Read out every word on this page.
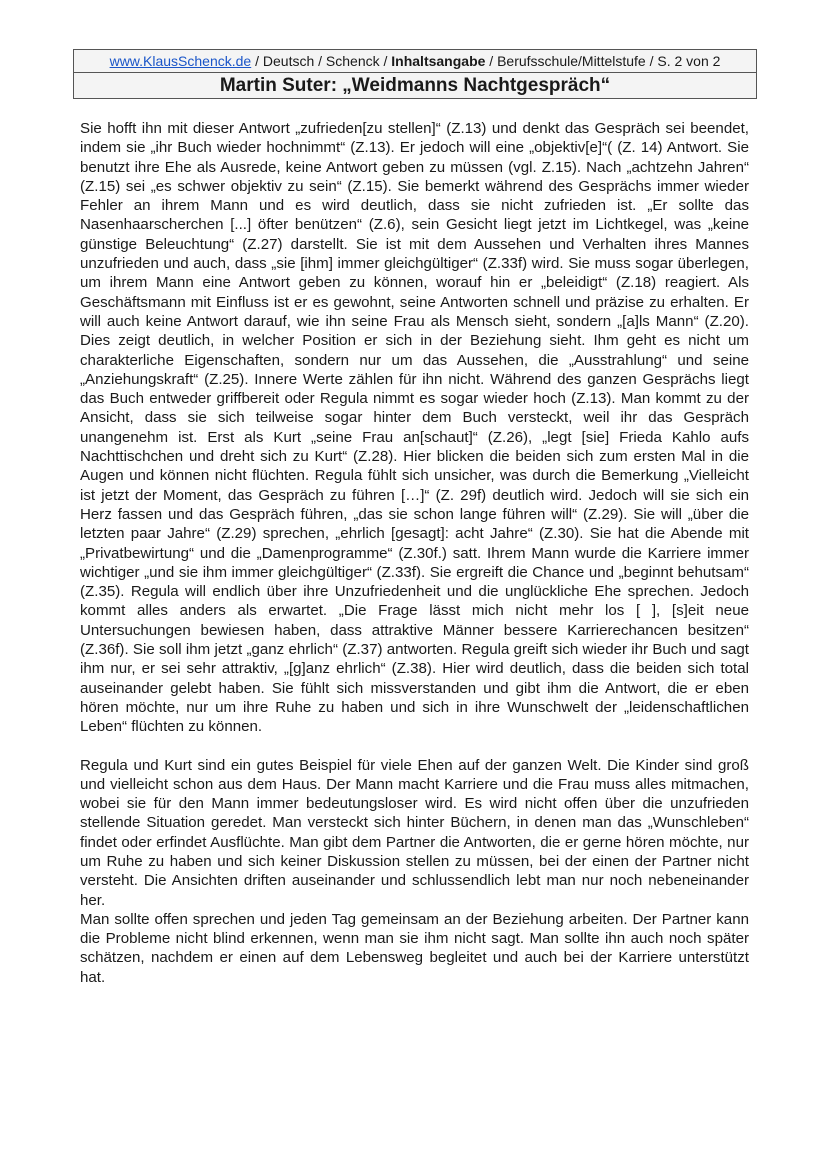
www.KlausSchenck.de / Deutsch / Schenck / Inhaltsangabe / Berufsschule/Mittelstufe / S. 2 von 2
Martin Suter: „Weidmanns Nachtgespräch“

Sie hofft ihn mit dieser Antwort „zufrieden[zu stellen]“ (Z.13) und denkt das Gespräch sei beendet, indem sie „ihr Buch wieder hochnimmt“ (Z.13). Er jedoch will eine „objektiv[e]“( (Z. 14) Antwort. Sie benutzt ihre Ehe als Ausrede, keine Antwort geben zu müssen (vgl. Z.15). Nach „achtzehn Jahren“ (Z.15) sei „es schwer objektiv zu sein“ (Z.15). Sie bemerkt während des Gesprächs immer wieder Fehler an ihrem Mann und es wird deutlich, dass sie nicht zufrieden ist. „Er sollte das Nasenhaarscherchen [...] öfter benützen“ (Z.6), sein Gesicht liegt jetzt im Lichtkegel, was „keine günstige Beleuchtung“ (Z.27) darstellt. Sie ist mit dem Aussehen und Verhalten ihres Mannes unzufrieden und auch, dass „sie [ihm] immer gleichgültiger“ (Z.33f) wird. Sie muss sogar überlegen, um ihrem Mann eine Antwort geben zu können, worauf hin er „beleidigt“ (Z.18) reagiert. Als Geschäftsmann mit Einfluss ist er es gewohnt, seine Antworten schnell und präzise zu erhalten. Er will auch keine Antwort darauf, wie ihn seine Frau als Mensch sieht, sondern „[a]ls Mann“ (Z.20). Dies zeigt deutlich, in welcher Position er sich in der Beziehung sieht. Ihm geht es nicht um charakterliche Eigenschaften, sondern nur um das Aussehen, die „Ausstrahlung“ und seine „Anziehungskraft“ (Z.25). Innere Werte zählen für ihn nicht. Während des ganzen Gesprächs liegt das Buch entweder griffbereit oder Regula nimmt es sogar wieder hoch (Z.13). Man kommt zu der Ansicht, dass sie sich teilweise sogar hinter dem Buch versteckt, weil ihr das Gespräch unangenehm ist. Erst als Kurt „seine Frau an[schaut]“ (Z.26), „legt [sie] Frieda Kahlo aufs Nachttischchen und dreht sich zu Kurt“ (Z.28). Hier blicken die beiden sich zum ersten Mal in die Augen und können nicht flüchten. Regula fühlt sich unsicher, was durch die Bemerkung „Vielleicht ist jetzt der Moment, das Gespräch zu führen […]“ (Z. 29f) deutlich wird. Jedoch will sie sich ein Herz fassen und das Gespräch führen, „das sie schon lange führen will“ (Z.29). Sie will „über die letzten paar Jahre“ (Z.29) sprechen, „ehrlich [gesagt]: acht Jahre“ (Z.30). Sie hat die Abende mit „Privatbewirtung“ und die „Damenprogramme“ (Z.30f.) satt. Ihrem Mann wurde die Karriere immer wichtiger „und sie ihm immer gleichgültiger“ (Z.33f). Sie ergreift die Chance und „beginnt behutsam“ (Z.35). Regula will endlich über ihre Unzufriedenheit und die unglückliche Ehe sprechen. Jedoch kommt alles anders als erwartet. „Die Frage lässt mich nicht mehr los [ ], [s]eit neue Untersuchungen bewiesen haben, dass attraktive Männer bessere Karrierechancen besitzen“ (Z.36f). Sie soll ihm jetzt „ganz ehrlich“ (Z.37) antworten. Regula greift sich wieder ihr Buch und sagt ihm nur, er sei sehr attraktiv, „[g]anz ehrlich“ (Z.38). Hier wird deutlich, dass die beiden sich total auseinander gelebt haben. Sie fühlt sich missverstanden und gibt ihm die Antwort, die er eben hören möchte, nur um ihre Ruhe zu haben und sich in ihre Wunschwelt der „leidenschaftlichen Leben“ flüchten zu können.

Regula und Kurt sind ein gutes Beispiel für viele Ehen auf der ganzen Welt. Die Kinder sind groß und vielleicht schon aus dem Haus. Der Mann macht Karriere und die Frau muss alles mitmachen, wobei sie für den Mann immer bedeutungsloser wird. Es wird nicht offen über die unzufrieden stellende Situation geredet. Man versteckt sich hinter Büchern, in denen man das „Wunschleben“ findet oder erfindet Ausflüchte. Man gibt dem Partner die Antworten, die er gerne hören möchte, nur um Ruhe zu haben und sich keiner Diskussion stellen zu müssen, bei der einen der Partner nicht versteht. Die Ansichten driften auseinander und schlussendlich lebt man nur noch nebeneinander her.

Man sollte offen sprechen und jeden Tag gemeinsam an der Beziehung arbeiten. Der Partner kann die Probleme nicht blind erkennen, wenn man sie ihm nicht sagt. Man sollte ihn auch noch später schätzen, nachdem er einen auf dem Lebensweg begleitet und auch bei der Karriere unterstützt hat.
